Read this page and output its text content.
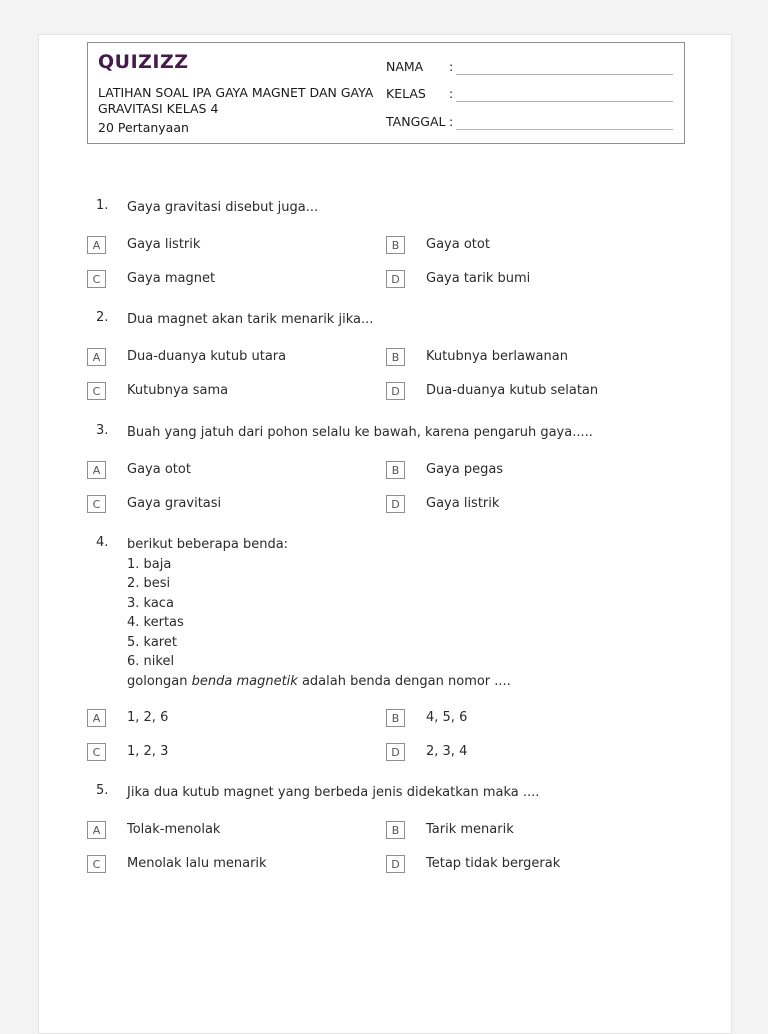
QUIZIZZ
LATIHAN SOAL IPA GAYA MAGNET DAN GAYA GRAVITASI KELAS 4
20 Pertanyaan
NAMA :
KELAS :
TANGGAL :
1. Gaya gravitasi disebut juga...
A	Gaya listrik	B	Gaya otot
C	Gaya magnet	D	Gaya tarik bumi
2. Dua magnet akan tarik menarik jika...
A	Dua-duanya kutub utara	B	Kutubnya berlawanan
C	Kutubnya sama	D	Dua-duanya kutub selatan
3. Buah yang jatuh dari pohon selalu ke bawah, karena pengaruh gaya.....
A	Gaya otot	B	Gaya pegas
C	Gaya gravitasi	D	Gaya listrik
4. berikut beberapa benda:
1. baja
2. besi
3. kaca
4. kertas
5. karet
6. nikel
golongan benda magnetik adalah benda dengan nomor ....
A	1, 2, 6	B	4, 5, 6
C	1, 2, 3	D	2, 3, 4
5. Jika dua kutub magnet yang berbeda jenis didekatkan maka ....
A	Tolak-menolak	B	Tarik menarik
C	Menolak lalu menarik	D	Tetap tidak bergerak
